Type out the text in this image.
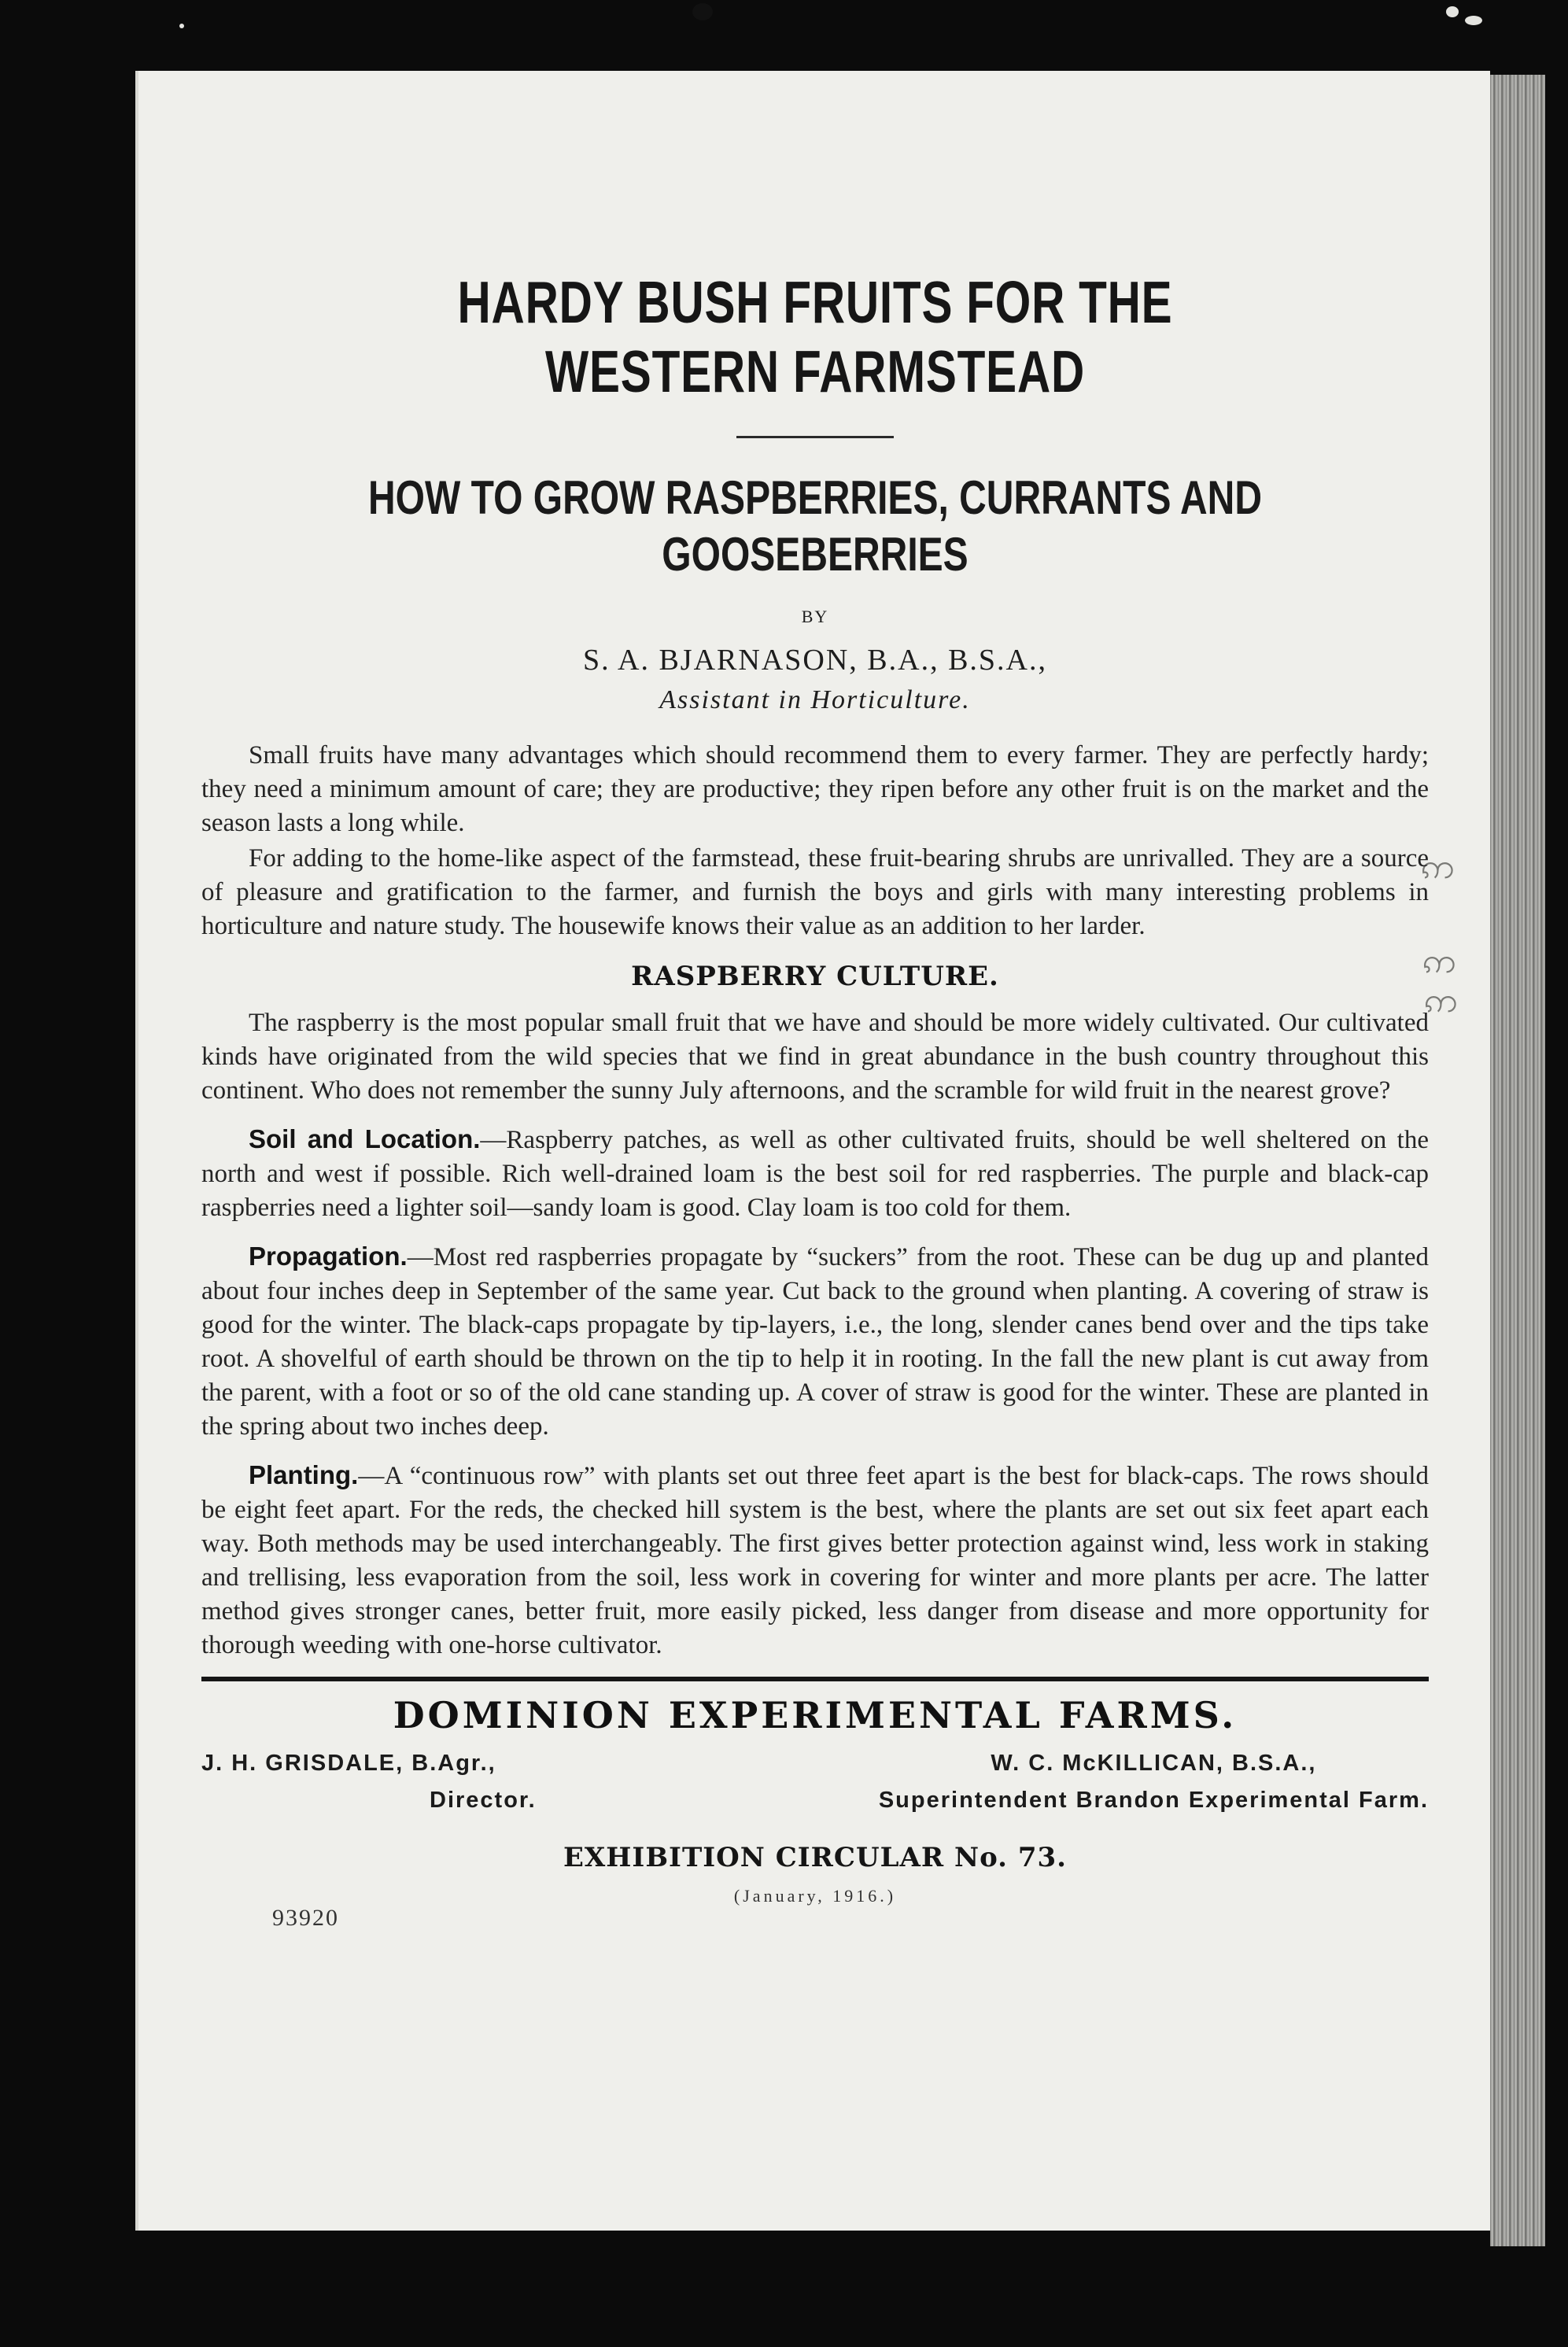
ဢ
ဢ
ဢ
HARDY BUSH FRUITS FOR THE WESTERN FARMSTEAD
HOW TO GROW RASPBERRIES, CURRANTS AND GOOSEBERRIES

BY

S. A. BJARNASON, B.A., B.S.A.,

Assistant in Horticulture.

Small fruits have many advantages which should recommend them to every farmer. They are perfectly hardy; they need a minimum amount of care; they are productive; they ripen before any other fruit is on the market and the season lasts a long while.

For adding to the home-like aspect of the farmstead, these fruit-bearing shrubs are unrivalled. They are a source of pleasure and gratification to the farmer, and furnish the boys and girls with many interesting problems in horticulture and nature study. The housewife knows their value as an addition to her larder.

RASPBERRY CULTURE.

The raspberry is the most popular small fruit that we have and should be more widely cultivated. Our cultivated kinds have originated from the wild species that we find in great abundance in the bush country throughout this continent. Who does not remember the sunny July afternoons, and the scramble for wild fruit in the nearest grove?

Soil and Location.—Raspberry patches, as well as other cultivated fruits, should be well sheltered on the north and west if possible. Rich well-drained loam is the best soil for red raspberries. The purple and black-cap raspberries need a lighter soil—sandy loam is good. Clay loam is too cold for them.

Propagation.—Most red raspberries propagate by “suckers” from the root. These can be dug up and planted about four inches deep in September of the same year. Cut back to the ground when planting. A covering of straw is good for the winter. The black-caps propagate by tip-layers, i.e., the long, slender canes bend over and the tips take root. A shovelful of earth should be thrown on the tip to help it in rooting. In the fall the new plant is cut away from the parent, with a foot or so of the old cane standing up. A cover of straw is good for the winter. These are planted in the spring about two inches deep.

Planting.—A “continuous row” with plants set out three feet apart is the best for black-caps. The rows should be eight feet apart. For the reds, the checked hill system is the best, where the plants are set out six feet apart each way. Both methods may be used interchangeably. The first gives better protection against wind, less work in staking and trellising, less evaporation from the soil, less work in covering for winter and more plants per acre. The latter method gives stronger canes, better fruit, more easily picked, less danger from disease and more opportunity for thorough weeding with one-horse cultivator.

DOMINION EXPERIMENTAL FARMS.
J. H. GRISDALE, B.Agr.,
Director.
W. C. McKILLICAN, B.S.A.,
Superintendent Brandon Experimental Farm.
EXHIBITION CIRCULAR No. 73.

(January, 1916.)

93920
